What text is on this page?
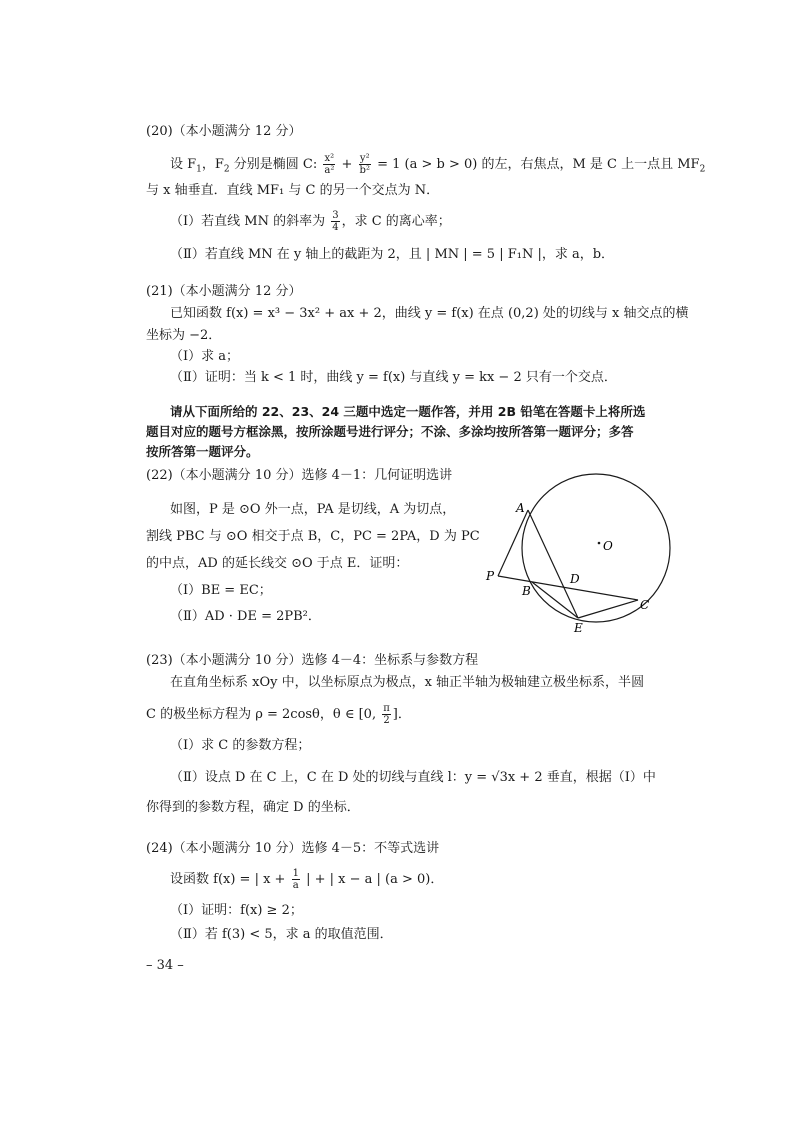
(20)（本小题满分 12 分）
设 $F_1$，$F_2$ 分别是椭圆 C: $\frac{\text{x²}}{\text{a²}} + \frac{\text{y²}}{\text{b²}} = 1$ (a > b > 0) 的左，右焦点，M 是 C 上一点且 $MF_2$
与 x 轴垂直．直线 MF₁ 与 C 的另一个交点为 N．
（Ⅰ）若直线 MN 的斜率为 $\frac{3}{4}$ ，求 C 的离心率；
（Ⅱ）若直线 MN 在 y 轴上的截距为 2，且 | MN | = 5 | F₁N |，求 a，b．
(21)（本小题满分 12 分）
已知函数 f(x) = x³ − 3x² + ax + 2，曲线 y = f(x) 在点 (0,2) 处的切线与 x 轴交点的横
坐标为 −2．
（Ⅰ）求 a；
（Ⅱ）证明：当 k < 1 时，曲线 y = f(x) 与直线 y = kx − 2 只有一个交点．
请从下面所给的 22、23、24 三题中选定一题作答，并用 2B 铅笔在答题卡上将所选
题目对应的题号方框涂黑，按所涂题号进行评分；不涂、多涂均按所答第一题评分；多答
按所答第一题评分。
(22)（本小题满分 10 分）选修 4－1：几何证明选讲
如图，P 是 ⊙O 外一点，PA 是切线，A 为切点，
割线 PBC 与 ⊙O 相交于点 B，C，PC = 2PA，D 为 PC
的中点，AD 的延长线交 ⊙O 于点 E．证明：
（Ⅰ）BE = EC；
（Ⅱ）AD · DE = 2PB²．
A
O
P	D
B
C
E
(23)（本小题满分 10 分）选修 4－4：坐标系与参数方程
在直角坐标系 xOy 中，以坐标原点为极点，x 轴正半轴为极轴建立极坐标系，半圆
C 的极坐标方程为 ρ = 2cosθ，θ ∈ [0, $\frac{\pi}{2}$ ]．
（Ⅰ）求 C 的参数方程；
（Ⅱ）设点 D 在 C 上，C 在 D 处的切线与直线 l：y = √3x + 2 垂直，根据（Ⅰ）中
你得到的参数方程，确定 D 的坐标．
(24)（本小题满分 10 分）选修 4－5：不等式选讲
设函数 f(x) = | $x + \frac{1}{a}$ | + | x − a | (a > 0)．
（Ⅰ）证明：f(x) ≥ 2；
（Ⅱ）若 f(3) < 5，求 a 的取值范围．
– 34 –
